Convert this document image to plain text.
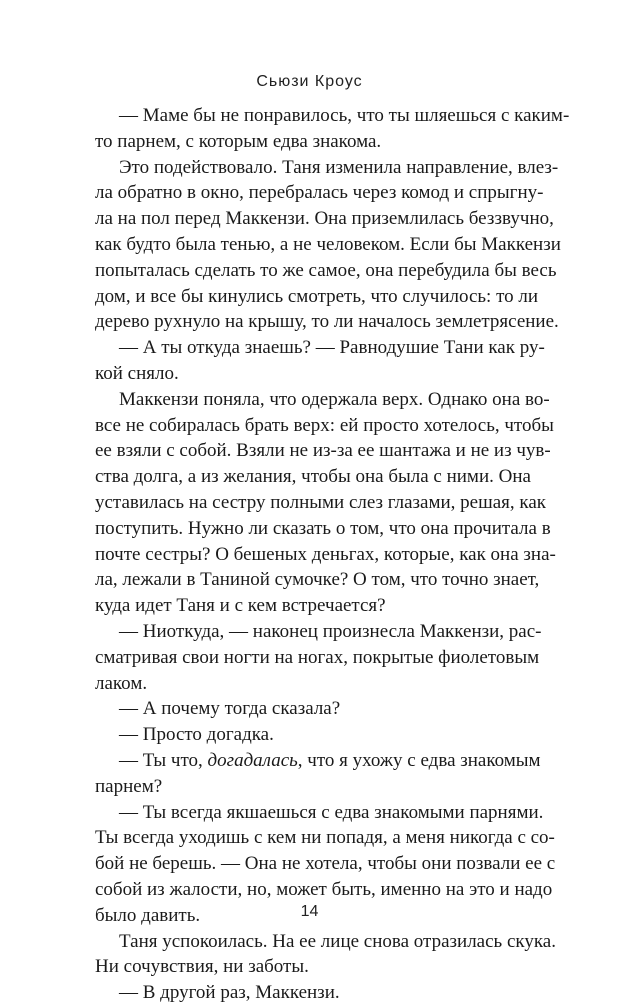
Сьюзи Кроус
— Маме бы не понравилось, что ты шляешься с каким-
то парнем, с которым едва знакома.
Это подействовало. Таня изменила направление, влез-
ла обратно в окно, перебралась через комод и спрыгну-
ла на пол перед Маккензи. Она приземлилась беззвучно,
как будто была тенью, а не человеком. Если бы Маккензи
попыталась сделать то же самое, она перебудила бы весь
дом, и все бы кинулись смотреть, что случилось: то ли
дерево рухнуло на крышу, то ли началось землетрясение.
— А ты откуда знаешь? — Равнодушие Тани как ру-
кой сняло.
Маккензи поняла, что одержала верх. Однако она во-
все не собиралась брать верх: ей просто хотелось, чтобы
ее взяли с собой. Взяли не из-за ее шантажа и не из чув-
ства долга, а из желания, чтобы она была с ними. Она
уставилась на сестру полными слез глазами, решая, как
поступить. Нужно ли сказать о том, что она прочитала в
почте сестры? О бешеных деньгах, которые, как она зна-
ла, лежали в Таниной сумочке? О том, что точно знает,
куда идет Таня и с кем встречается?
— Ниоткуда, — наконец произнесла Маккензи, рас-
сматривая свои ногти на ногах, покрытые фиолетовым
лаком.
— А почему тогда сказала?
— Просто догадка.
— Ты что, догадалась, что я ухожу с едва знакомым
парнем?
— Ты всегда якшаешься с едва знакомыми парнями.
Ты всегда уходишь с кем ни попадя, а меня никогда с со-
бой не берешь. — Она не хотела, чтобы они позвали ее с
собой из жалости, но, может быть, именно на это и надо
было давить.
Таня успокоилась. На ее лице снова отразилась скука.
Ни сочувствия, ни заботы.
— В другой раз, Маккензи.
14
